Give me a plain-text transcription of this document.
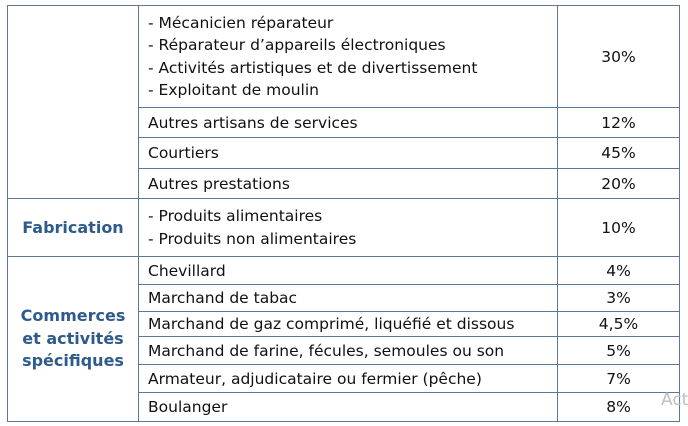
	- Mécanicien réparateur
- Réparateur d’appareils électroniques
- Activités artistiques et de divertissement
- Exploitant de moulin	30%
	Autres artisans de services	12%
	Courtiers	45%
	Autres prestations	20%
Fabrication	- Produits alimentaires
- Produits non alimentaires	10%

Commerces
et activités
spécifiques	Chevillard	4%
	Marchand de tabac	3%
	Marchand de gaz comprimé, liquéfié et dissous	4,5%
	Marchand de farine, fécules, semoules ou son	5%
	Armateur, adjudicataire ou fermier (pêche)	7%
	Boulanger	8% Act
